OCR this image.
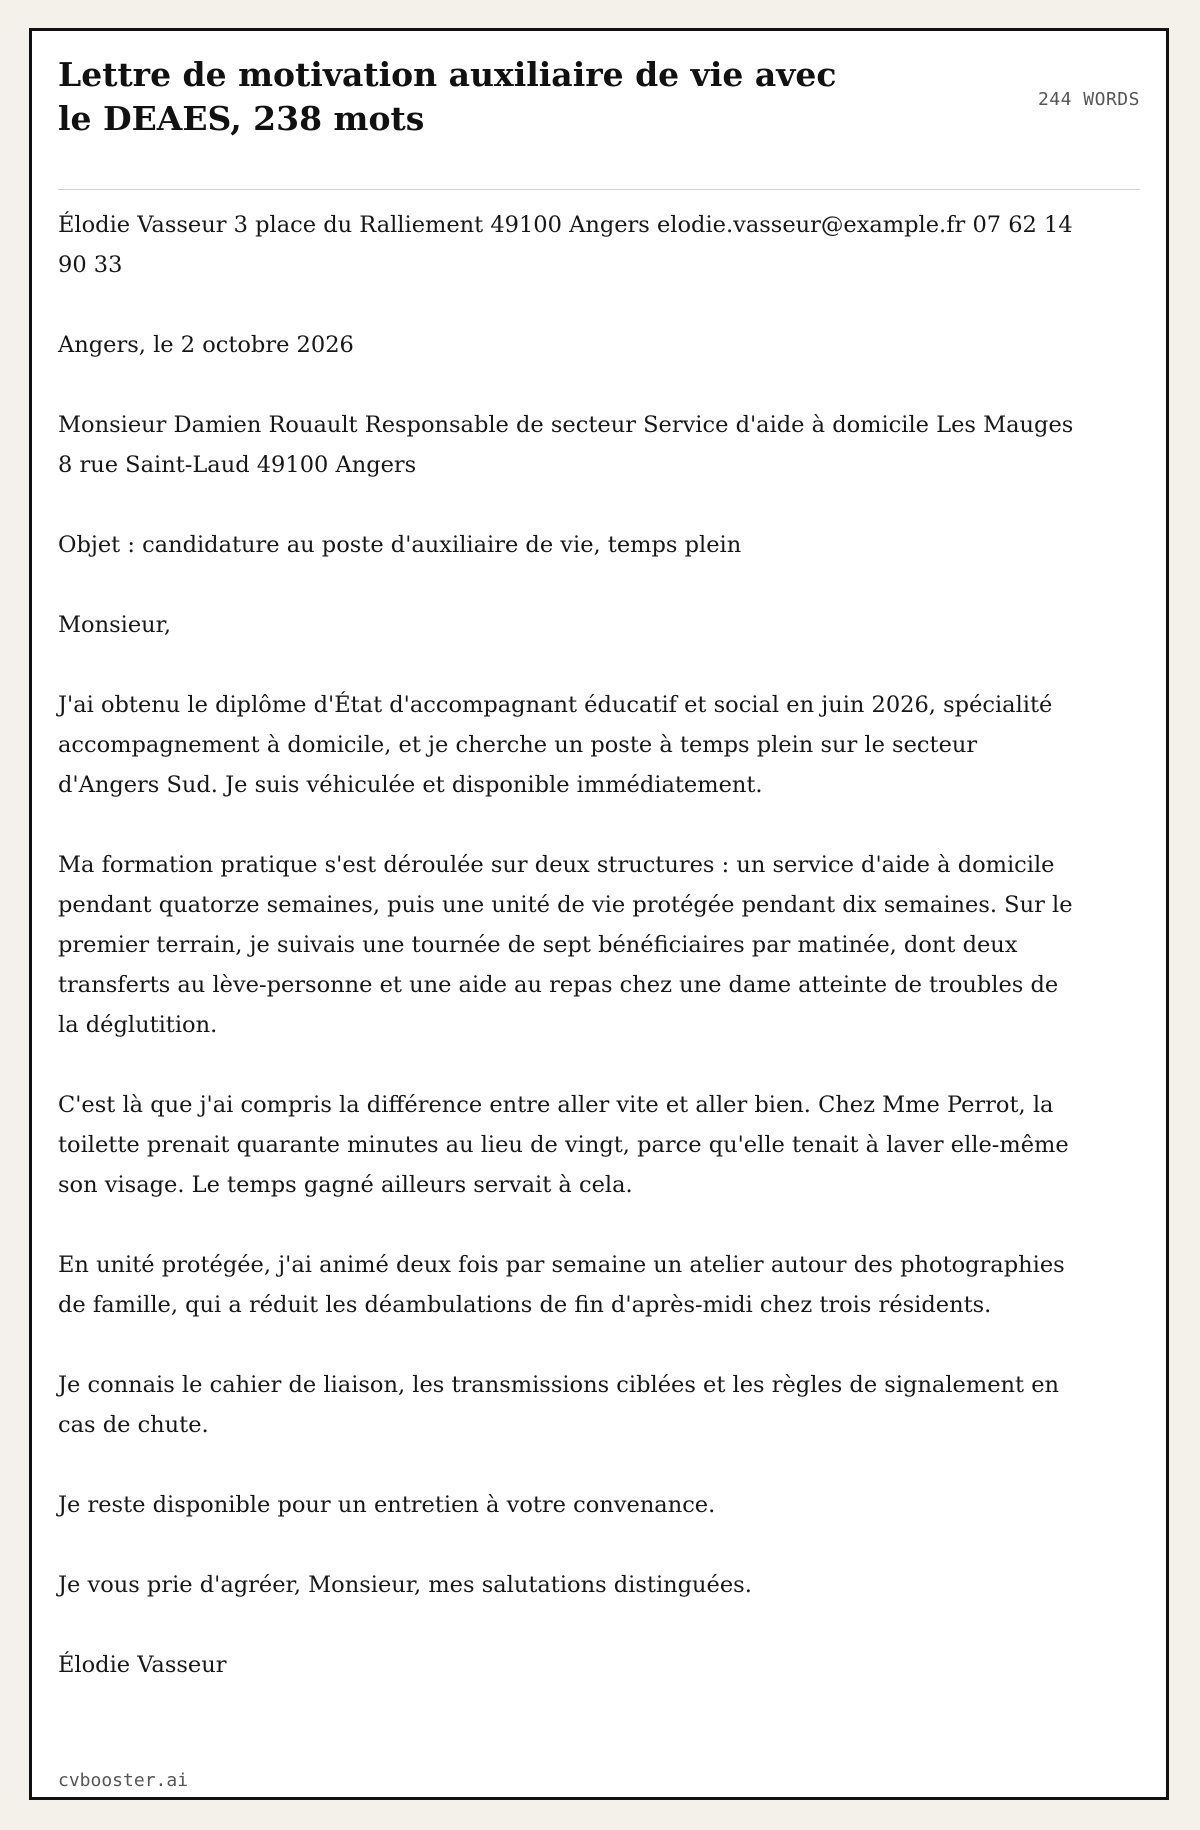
Lettre de motivation auxiliaire de vie avec le DEAES, 238 mots	244 WORDS

Élodie Vasseur 3 place du Ralliement 49100 Angers elodie.vasseur@example.fr 07 62 14 90 33

Angers, le 2 octobre 2026

Monsieur Damien Rouault Responsable de secteur Service d'aide à domicile Les Mauges 8 rue Saint-Laud 49100 Angers

Objet : candidature au poste d'auxiliaire de vie, temps plein

Monsieur,

J'ai obtenu le diplôme d'État d'accompagnant éducatif et social en juin 2026, spécialité accompagnement à domicile, et je cherche un poste à temps plein sur le secteur d'Angers Sud. Je suis véhiculée et disponible immédiatement.

Ma formation pratique s'est déroulée sur deux structures : un service d'aide à domicile pendant quatorze semaines, puis une unité de vie protégée pendant dix semaines. Sur le premier terrain, je suivais une tournée de sept bénéficiaires par matinée, dont deux transferts au lève-personne et une aide au repas chez une dame atteinte de troubles de la déglutition.

C'est là que j'ai compris la différence entre aller vite et aller bien. Chez Mme Perrot, la toilette prenait quarante minutes au lieu de vingt, parce qu'elle tenait à laver elle-même son visage. Le temps gagné ailleurs servait à cela.

En unité protégée, j'ai animé deux fois par semaine un atelier autour des photographies de famille, qui a réduit les déambulations de fin d'après-midi chez trois résidents.

Je connais le cahier de liaison, les transmissions ciblées et les règles de signalement en cas de chute.

Je reste disponible pour un entretien à votre convenance.

Je vous prie d'agréer, Monsieur, mes salutations distinguées.

Élodie Vasseur

cvbooster.ai
